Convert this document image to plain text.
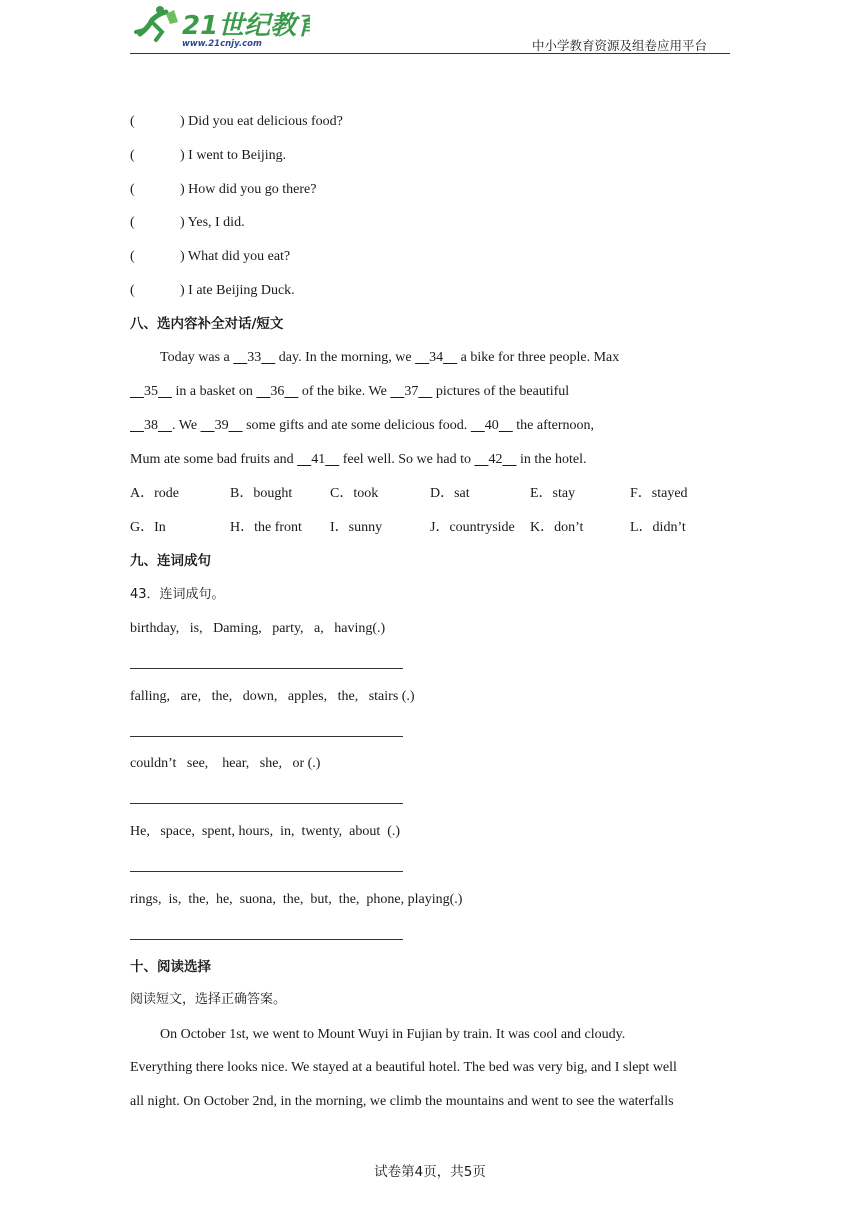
21世纪教育
www.21cnjy.com	中小学教育资源及组卷应用平台
(	) Did you eat delicious food?
(	) I went to Beijing.
(	) How did you go there?
(	) Yes, I did.
(	) What did you eat?
(	) I ate Beijing Duck.
八、选内容补全对话/短文
Today was a     33     day. In the morning, we     34     a bike for three people. Max
35     in a basket on     36     of the bike. We     37     pictures of the beautiful
38 . We     39     some gifts and ate some delicious food.     40     the afternoon,
Mum ate some bad fruits and     41     feel well. So we had to     42     in the hotel.
A．rode	B．bought	C．took	D．sat	E．stay	F．stayed
G．In	H．the front I．sunny	J．countryside K．don’t	L．didn’t
九、连词成句
43．连词成句。
birthday,   is,   Daming,   party,   a,   having(.)
falling,   are,   the,   down,   apples,   the,   stairs (.)
couldn’t   see,    hear,   she,   or (.)
He,   space,  spent, hours,  in,  twenty,  about  (.)
rings,  is,  the,  he,  suona,  the,  but,  the,  phone, playing(.)
十、阅读选择
阅读短文，选择正确答案。
On October 1st, we went to Mount Wuyi in Fujian by train. It was cool and cloudy.
Everything there looks nice. We stayed at a beautiful hotel. The bed was very big, and I slept well
all night. On October 2nd, in the morning, we climb the mountains and went to see the waterfalls
试卷第4页，共5页
